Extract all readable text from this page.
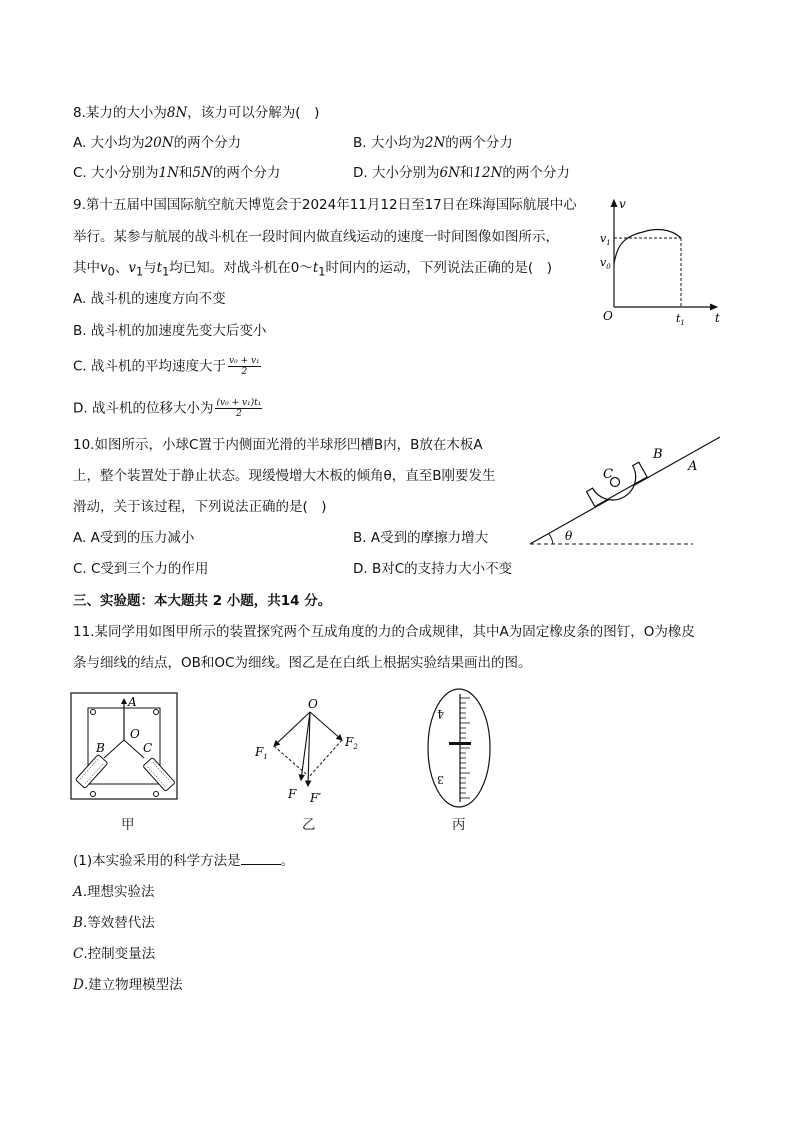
8.某力的大小为8N，该力可以分解为(　)
A. 大小均为20N的两个分力	B. 大小均为2N的两个分力
C. 大小分别为1N和5N的两个分力	D. 大小分别为6N和12N的两个分力
9.第十五届中国国际航空航天博览会于2024年11月12日至17日在珠海国际航展中心
举行。某参与航展的战斗机在一段时间内做直线运动的速度一时间图像如图所示，
其中$v_0$、$v_1$与$t_1$均已知。对战斗机在$0\sim t_1$时间内的运动，下列说法正确的是(　)
A. 战斗机的速度方向不变
B. 战斗机的加速度先变大后变小
C. 战斗机的平均速度大于 $\frac{\text{v₀ + v₁}}{2}$
D. 战斗机的位移大小为 $\frac{\text{(v₀ + v₁)t₁}}{2}$
v
t
O
$v_1$
$v_0$
$t_1$
10.如图所示，小球C置于内侧面光滑的半球形凹槽B内，B放在木板A
上，整个装置处于静止状态。现缓慢增大木板的倾角θ，直至B刚要发生
滑动，关于该过程，下列说法正确的是(　)
A. A受到的压力减小	B. A受到的摩擦力增大
C. C受到三个力的作用	D. B对C的支持力大小不变
C
B
A
θ
三、实验题：本大题共 2 小题，共14 分。
11.某同学用如图甲所示的装置探究两个互成角度的力的合成规律，其中A为固定橡皮条的图钉，O为橡皮
条与细线的结点，OB和OC为细线。图乙是在白纸上根据实验结果画出的图。
A
O
B	C
甲
O
$F_1$
$F_2$
F F′
乙
4
3
丙
(1)本实验采用的科学方法是	。
A.理想实验法
B.等效替代法
C.控制变量法
D.建立物理模型法
